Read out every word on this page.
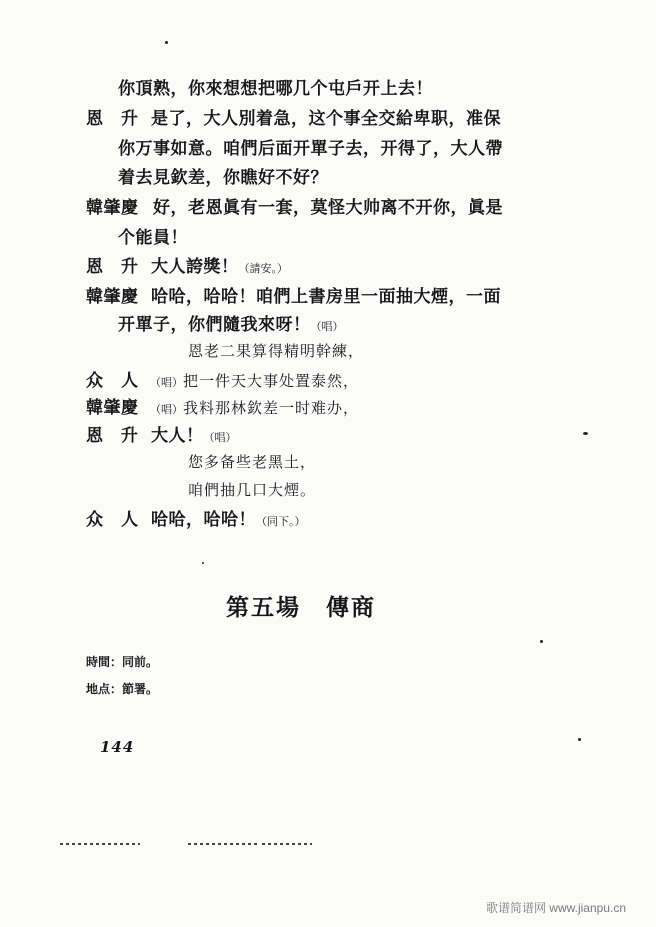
你頂熟，你來想想把哪几个屯戶开上去！
恩　升 是了，大人別着急，这个事全交給卑职，准保
你万事如意。咱們后面开單子去，开得了，大人帶
着去見欽差，你瞧好不好？
韓肇慶 好，老恩眞有一套，莫怪大帅离不开你，眞是
个能員！
恩　升 大人誇獎！（請安。）
韓肇慶 哈哈，哈哈！咱們上書房里一面抽大煙，一面
开單子，你們隨我來呀！（唱）
恩老二果算得精明幹練，
众　人 （唱）把一件天大事处置泰然，
韓肇慶 （唱）我料那林欽差一时难办，
恩　升 大人！（唱）
您多备些老黑土，
咱們抽几口大煙。
众　人 哈哈，哈哈！（同下。）
第五場　傳商
時間：同前。
地点：節署。
144
歌谱简谱网 www.jianpu.cn
